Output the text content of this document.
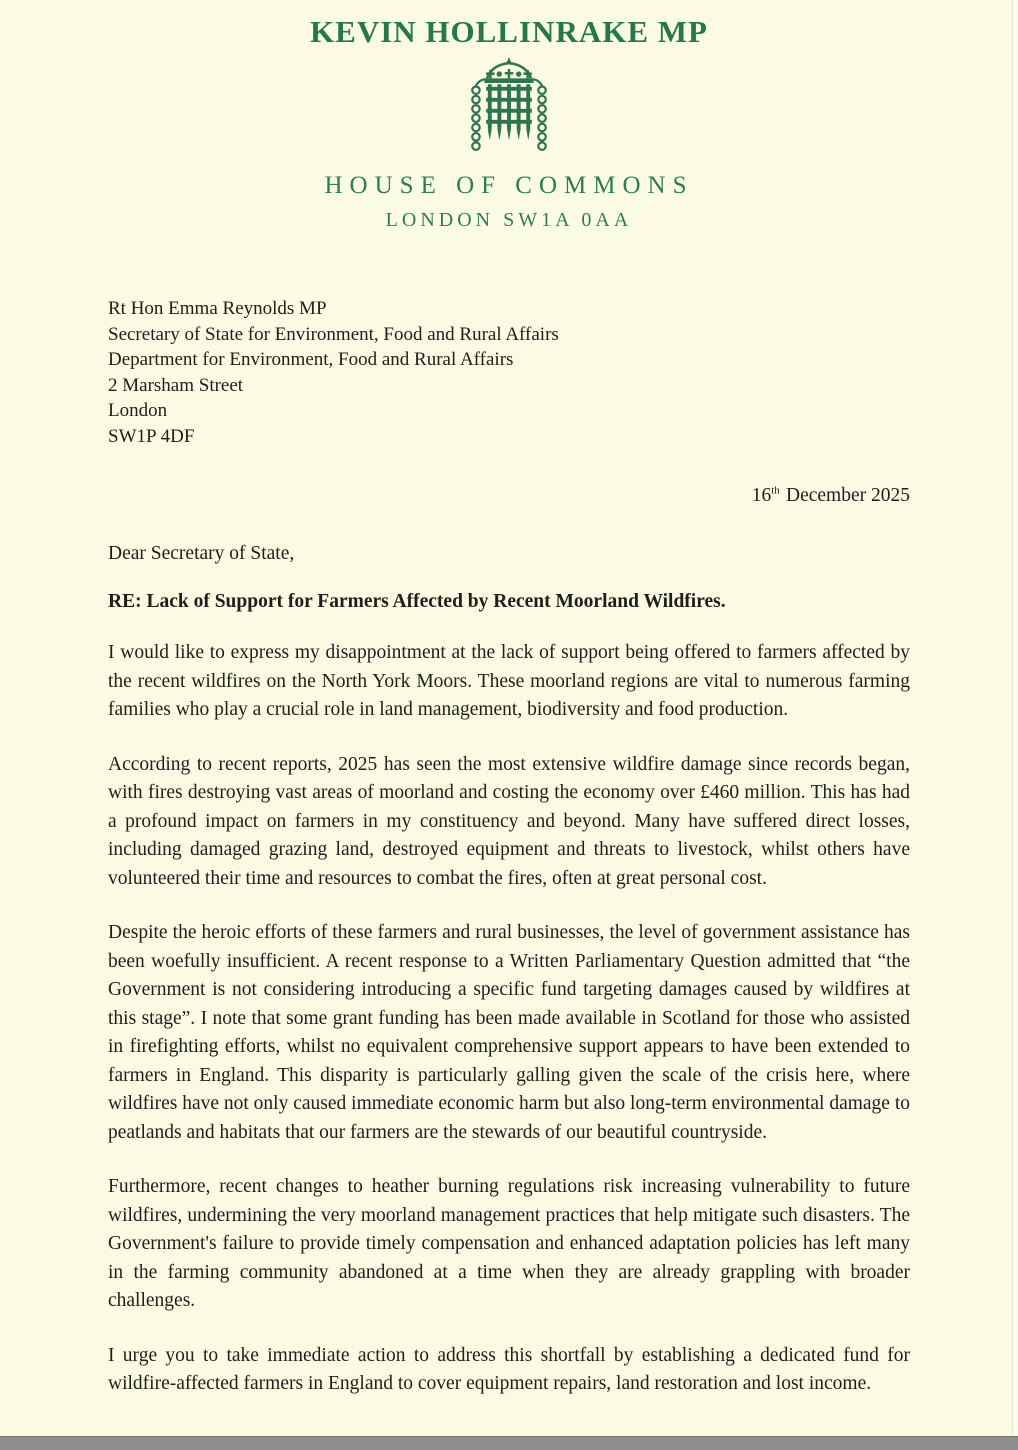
KEVIN HOLLINRAKE MP
HOUSE OF COMMONS
LONDON SW1A 0AA
Rt Hon Emma Reynolds MP
Secretary of State for Environment, Food and Rural Affairs
Department for Environment, Food and Rural Affairs
2 Marsham Street
London
SW1P 4DF
16th December 2025
Dear Secretary of State,
RE: Lack of Support for Farmers Affected by Recent Moorland Wildfires.

I would like to express my disappointment at the lack of support being offered to farmers affected by the recent wildfires on the North York Moors. These moorland regions are vital to numerous farming families who play a crucial role in land management, biodiversity and food production.

According to recent reports, 2025 has seen the most extensive wildfire damage since records began, with fires destroying vast areas of moorland and costing the economy over £460 million. This has had a profound impact on farmers in my constituency and beyond. Many have suffered direct losses, including damaged grazing land, destroyed equipment and threats to livestock, whilst others have volunteered their time and resources to combat the fires, often at great personal cost.

Despite the heroic efforts of these farmers and rural businesses, the level of government assistance has been woefully insufficient. A recent response to a Written Parliamentary Question admitted that “the Government is not considering introducing a specific fund targeting damages caused by wildfires at this stage”. I note that some grant funding has been made available in Scotland for those who assisted in firefighting efforts, whilst no equivalent comprehensive support appears to have been extended to farmers in England. This disparity is particularly galling given the scale of the crisis here, where wildfires have not only caused immediate economic harm but also long-term environmental damage to peatlands and habitats that our farmers are the stewards of our beautiful countryside.

Furthermore, recent changes to heather burning regulations risk increasing vulnerability to future wildfires, undermining the very moorland management practices that help mitigate such disasters. The Government's failure to provide timely compensation and enhanced adaptation policies has left many in the farming community abandoned at a time when they are already grappling with broader challenges.

I urge you to take immediate action to address this shortfall by establishing a dedicated fund for wildfire-affected farmers in England to cover equipment repairs, land restoration and lost income.
